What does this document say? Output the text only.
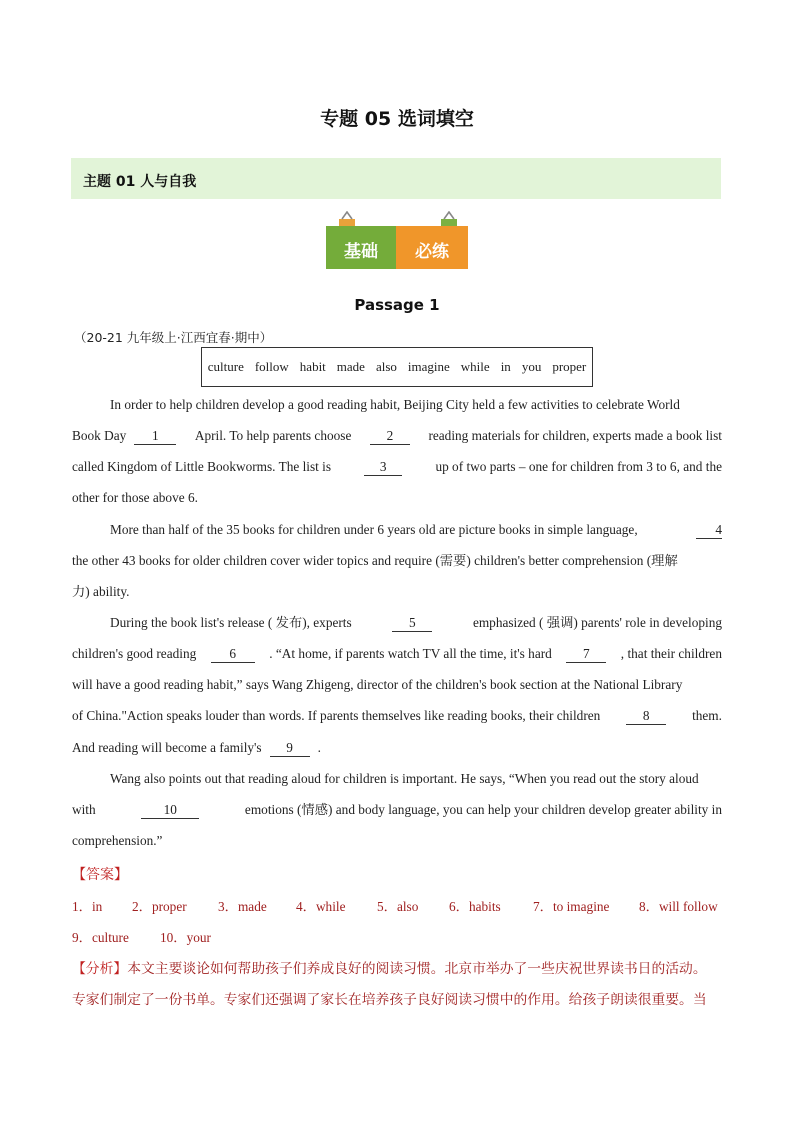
专题 05 选词填空
主题 01 人与自我
基础	必练
Passage 1
（20-21 九年级上·江西宜春·期中）
culture follow habit made also imagine while in you proper
In order to help children develop a good reading habit, Beijing City held a few activities to celebrate World
Book Day	1	April. To help parents choose	2	reading materials for children, experts made a book list
called Kingdom of Little Bookworms. The list is	3	up of two parts – one for children from 3 to 6, and the
other for those above 6.
More than half of the 35 books for children under 6 years old are picture books in simple language,	4
the other 43 books for older children cover wider topics and require (需要) children's better comprehension (理解
力) ability.
During the book list's release ( 发布), experts	5	emphasized ( 强调) parents' role in developing
children's good reading	6	. “At home, if parents watch TV all the time, it's hard	7	, that their children
will have a good reading habit,” says Wang Zhigeng, director of the children's book section at the National Library
of China."Action speaks louder than words. If parents themselves like reading books, their children	8	them.
And reading will become a family's	9	.
Wang also points out that reading aloud for children is important. He says, “When you read out the story aloud
with	10	emotions (情感) and body language, you can help your children develop greater ability in
comprehension.”
【答案】
1．in	2．proper	3．made	4．while	5．also	6．habits	7．to imagine	8．will follow
9．culture	10．your
【分析】本文主要谈论如何帮助孩子们养成良好的阅读习惯。北京市举办了一些庆祝世界读书日的活动。
专家们制定了一份书单。专家们还强调了家长在培养孩子良好阅读习惯中的作用。给孩子朗读很重要。当
